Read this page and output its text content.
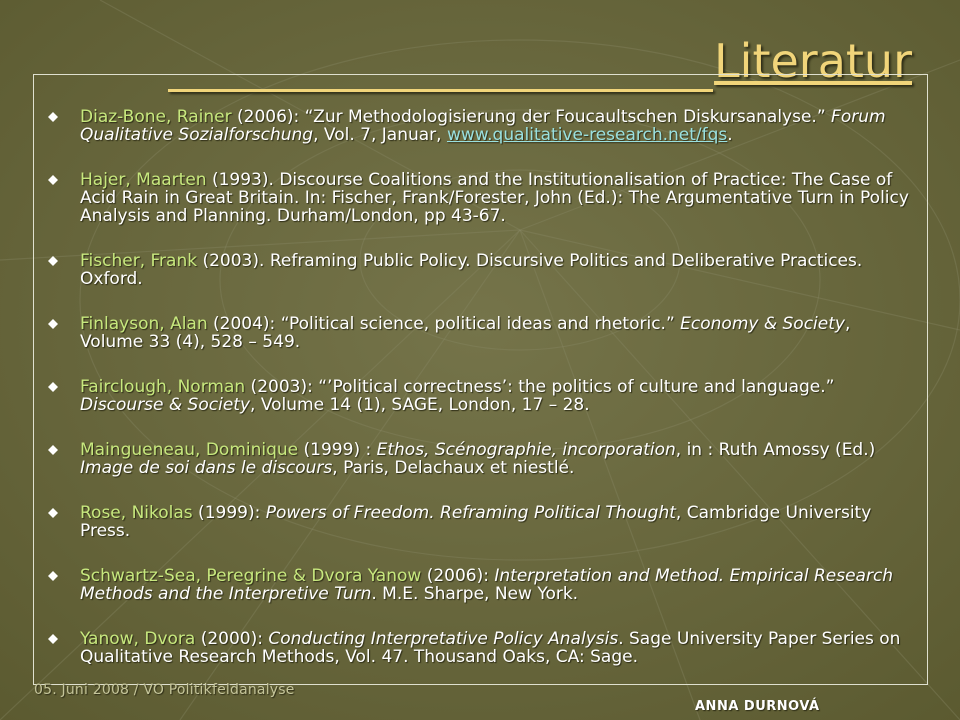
Literatur
Diaz-Bone, Rainer (2006): “Zur Methodologisierung der Foucaultschen Diskursanalyse.” Forum Qualitative Sozialforschung, Vol. 7, Januar, www.qualitative-research.net/fqs.
Hajer, Maarten (1993). Discourse Coalitions and the Institutionalisation of Practice: The Case of Acid Rain in Great Britain. In: Fischer, Frank/Forester, John (Ed.): The Argumentative Turn in Policy Analysis and Planning. Durham/London, pp 43-67.
Fischer, Frank (2003). Reframing Public Policy. Discursive Politics and Deliberative Practices. Oxford.
Finlayson, Alan (2004): “Political science, political ideas and rhetoric.” Economy & Society, Volume 33 (4), 528 – 549.
Fairclough, Norman (2003): “’Political correctness’: the politics of culture and language.” Discourse & Society, Volume 14 (1), SAGE, London, 17 – 28.
Maingueneau, Dominique (1999) : Ethos, Scénographie, incorporation, in : Ruth Amossy (Ed.) Image de soi dans le discours, Paris, Delachaux et niestlé.
Rose, Nikolas (1999): Powers of Freedom. Reframing Political Thought, Cambridge University Press.
Schwartz-Sea, Peregrine & Dvora Yanow (2006): Interpretation and Method. Empirical Research Methods and the Interpretive Turn. M.E. Sharpe, New York.
Yanow, Dvora (2000): Conducting Interpretative Policy Analysis. Sage University Paper Series on Qualitative Research Methods, Vol. 47. Thousand Oaks, CA: Sage.
05. Juni 2008 / VO Politikfeldanalyse
ANNA DURNOVÁ
